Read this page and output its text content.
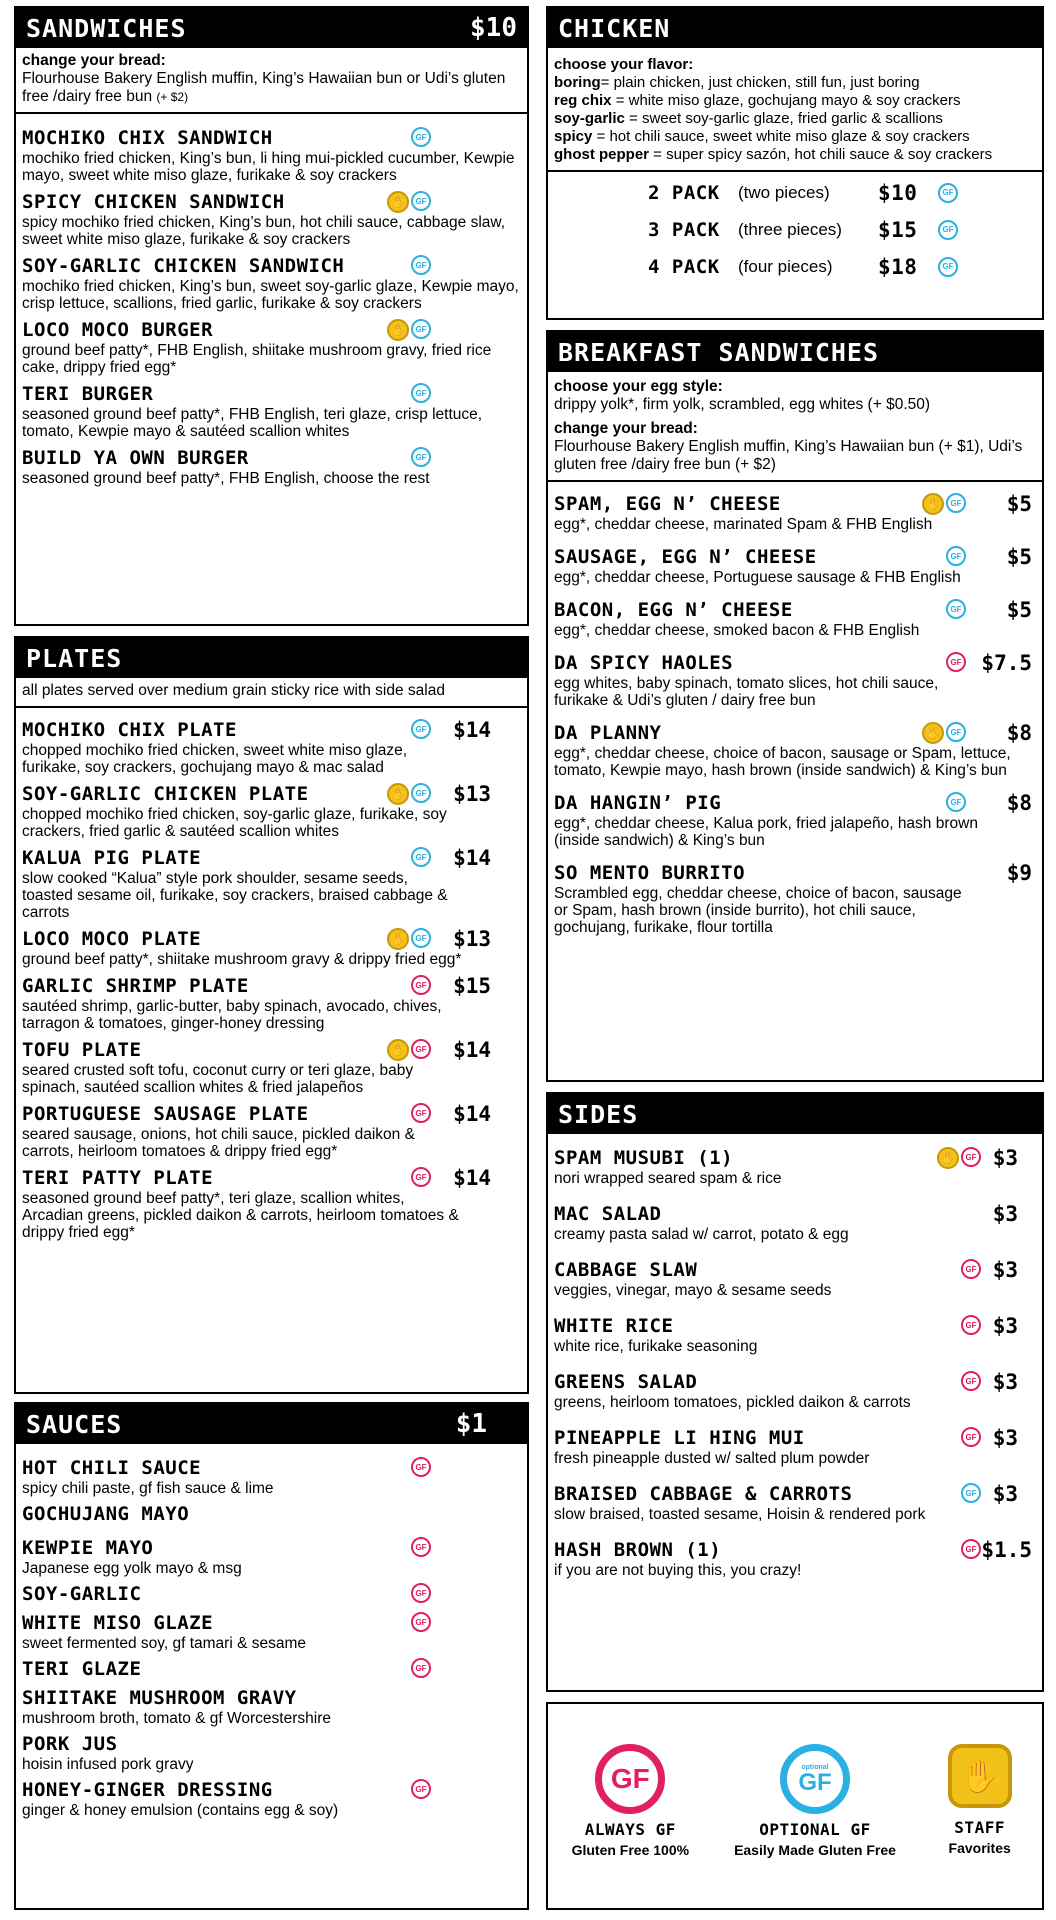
SANDWICHES	$10
change your bread:
Flourhouse Bakery English muffin, King’s Hawaiian bun or Udi’s gluten free /dairy free bun (+ $2)
MOCHIKO CHIX SANDWICH
mochiko fried chicken, King’s bun, li hing mui-pickled cucumber, Kewpie mayo, sweet white miso glaze, furikake & soy crackers
GF
SPICY CHICKEN SANDWICH
spicy mochiko fried chicken, King’s bun, hot chili sauce, cabbage slaw, sweet white miso glaze, furikake & soy crackers
✋	GF
SOY-GARLIC CHICKEN SANDWICH
mochiko fried chicken, King’s bun, sweet soy-garlic glaze, Kewpie mayo, crisp lettuce, scallions, fried garlic, furikake & soy crackers
GF
LOCO MOCO BURGER
ground beef patty*, FHB English, shiitake mushroom gravy, fried rice cake, drippy fried egg*
✋	GF
TERI BURGER
seasoned ground beef patty*, FHB English, teri glaze, crisp lettuce, tomato, Kewpie mayo & sautéed scallion whites
GF
BUILD YA OWN BURGER
seasoned ground beef patty*, FHB English, choose the rest
GF
PLATES
all plates served over medium grain sticky rice with side salad
MOCHIKO CHIX PLATE
chopped mochiko fried chicken, sweet white miso glaze, furikake, soy crackers, gochujang mayo & mac salad
GF $14
SOY-GARLIC CHICKEN PLATE
chopped mochiko fried chicken, soy-garlic glaze, furikake, soy crackers, fried garlic & sautéed scallion whites
✋	GF $13
KALUA PIG PLATE
slow cooked “Kalua” style pork shoulder, sesame seeds, toasted sesame oil, furikake, soy crackers, braised cabbage & carrots
GF $14
LOCO MOCO PLATE
ground beef patty*, shiitake mushroom gravy & drippy fried egg*
✋	GF $13
GARLIC SHRIMP PLATE
sautéed shrimp, garlic-butter, baby spinach, avocado, chives, tarragon & tomatoes, ginger-honey dressing
GF $15
TOFU PLATE
seared crusted soft tofu, coconut curry or teri glaze, baby spinach, sautéed scallion whites & fried jalapeños
✋	GF $14
PORTUGUESE SAUSAGE PLATE
seared sausage, onions, hot chili sauce, pickled daikon & carrots, heirloom tomatoes & drippy fried egg*
GF $14
TERI PATTY PLATE
seasoned ground beef patty*, teri glaze, scallion whites, Arcadian greens, pickled daikon & carrots, heirloom tomatoes & drippy fried egg*
GF $14
SAUCES	$1
HOT CHILI SAUCE
spicy chili paste, gf fish sauce & lime
GF
GOCHUJANG MAYO
KEWPIE MAYO
Japanese egg yolk mayo & msg
GF
SOY-GARLIC	GF
WHITE MISO GLAZE
sweet fermented soy, gf tamari & sesame
GF
TERI GLAZE	GF
SHIITAKE MUSHROOM GRAVY
mushroom broth, tomato & gf Worcestershire
PORK JUS
hoisin infused pork gravy
HONEY-GINGER DRESSING
ginger & honey emulsion (contains egg & soy)
GF
CHICKEN
choose your flavor:
boring= plain chicken, just chicken, still fun, just boring
reg chix = white miso glaze, gochujang mayo & soy crackers
soy-garlic = sweet soy-garlic glaze, fried garlic & scallions
spicy = hot chili sauce, sweet white miso glaze & soy crackers
ghost pepper = super spicy sazón, hot chili sauce & soy crackers
2 PACK	(two pieces)	$10	GF
3 PACK	(three pieces)	$15	GF
4 PACK	(four pieces)	$18	GF
BREAKFAST SANDWICHES
choose your egg style:
drippy yolk*, firm yolk, scrambled, egg whites (+ $0.50)

change your bread:
Flourhouse Bakery English muffin, King’s Hawaiian bun (+ $1), Udi’s gluten free /dairy free bun (+ $2)
SPAM, EGG N’ CHEESE
egg*, cheddar cheese, marinated Spam & FHB English
✋	GF $5
SAUSAGE, EGG N’ CHEESE
egg*, cheddar cheese, Portuguese sausage & FHB English
GF $5
BACON, EGG N’ CHEESE
egg*, cheddar cheese, smoked bacon & FHB English
GF $5
DA SPICY HAOLES
egg whites, baby spinach, tomato slices, hot chili sauce, furikake & Udi’s gluten / dairy free bun
GF $7.5
DA PLANNY
egg*, cheddar cheese, choice of bacon, sausage or Spam, lettuce, tomato, Kewpie mayo, hash brown (inside sandwich) & King’s bun
✋	GF $8
DA HANGIN’ PIG
egg*, cheddar cheese, Kalua pork, fried jalapeño, hash brown (inside sandwich) & King’s bun
GF $8
SO MENTO BURRITO
Scrambled egg, cheddar cheese, choice of bacon, sausage or Spam, hash brown (inside burrito), hot chili sauce, gochujang, furikake, flour tortilla
$9
SIDES
SPAM MUSUBI (1)
nori wrapped seared spam & rice
✋	GF $3
MAC SALAD
creamy pasta salad w/ carrot, potato & egg
$3
CABBAGE SLAW
veggies, vinegar, mayo & sesame seeds
GF $3
WHITE RICE
white rice, furikake seasoning
GF $3
GREENS SALAD
greens, heirloom tomatoes, pickled daikon & carrots
GF $3
PINEAPPLE LI HING MUI
fresh pineapple dusted w/ salted plum powder
GF $3
BRAISED CABBAGE & CARROTS
slow braised, toasted sesame, Hoisin & rendered pork
GF $3
HASH BROWN (1)
if you are not buying this, you crazy!
GF $1.5
GF
ALWAYS GF
Gluten Free 100%
optional
GF
OPTIONAL GF
Easily Made Gluten Free
✋
STAFF
Favorites
